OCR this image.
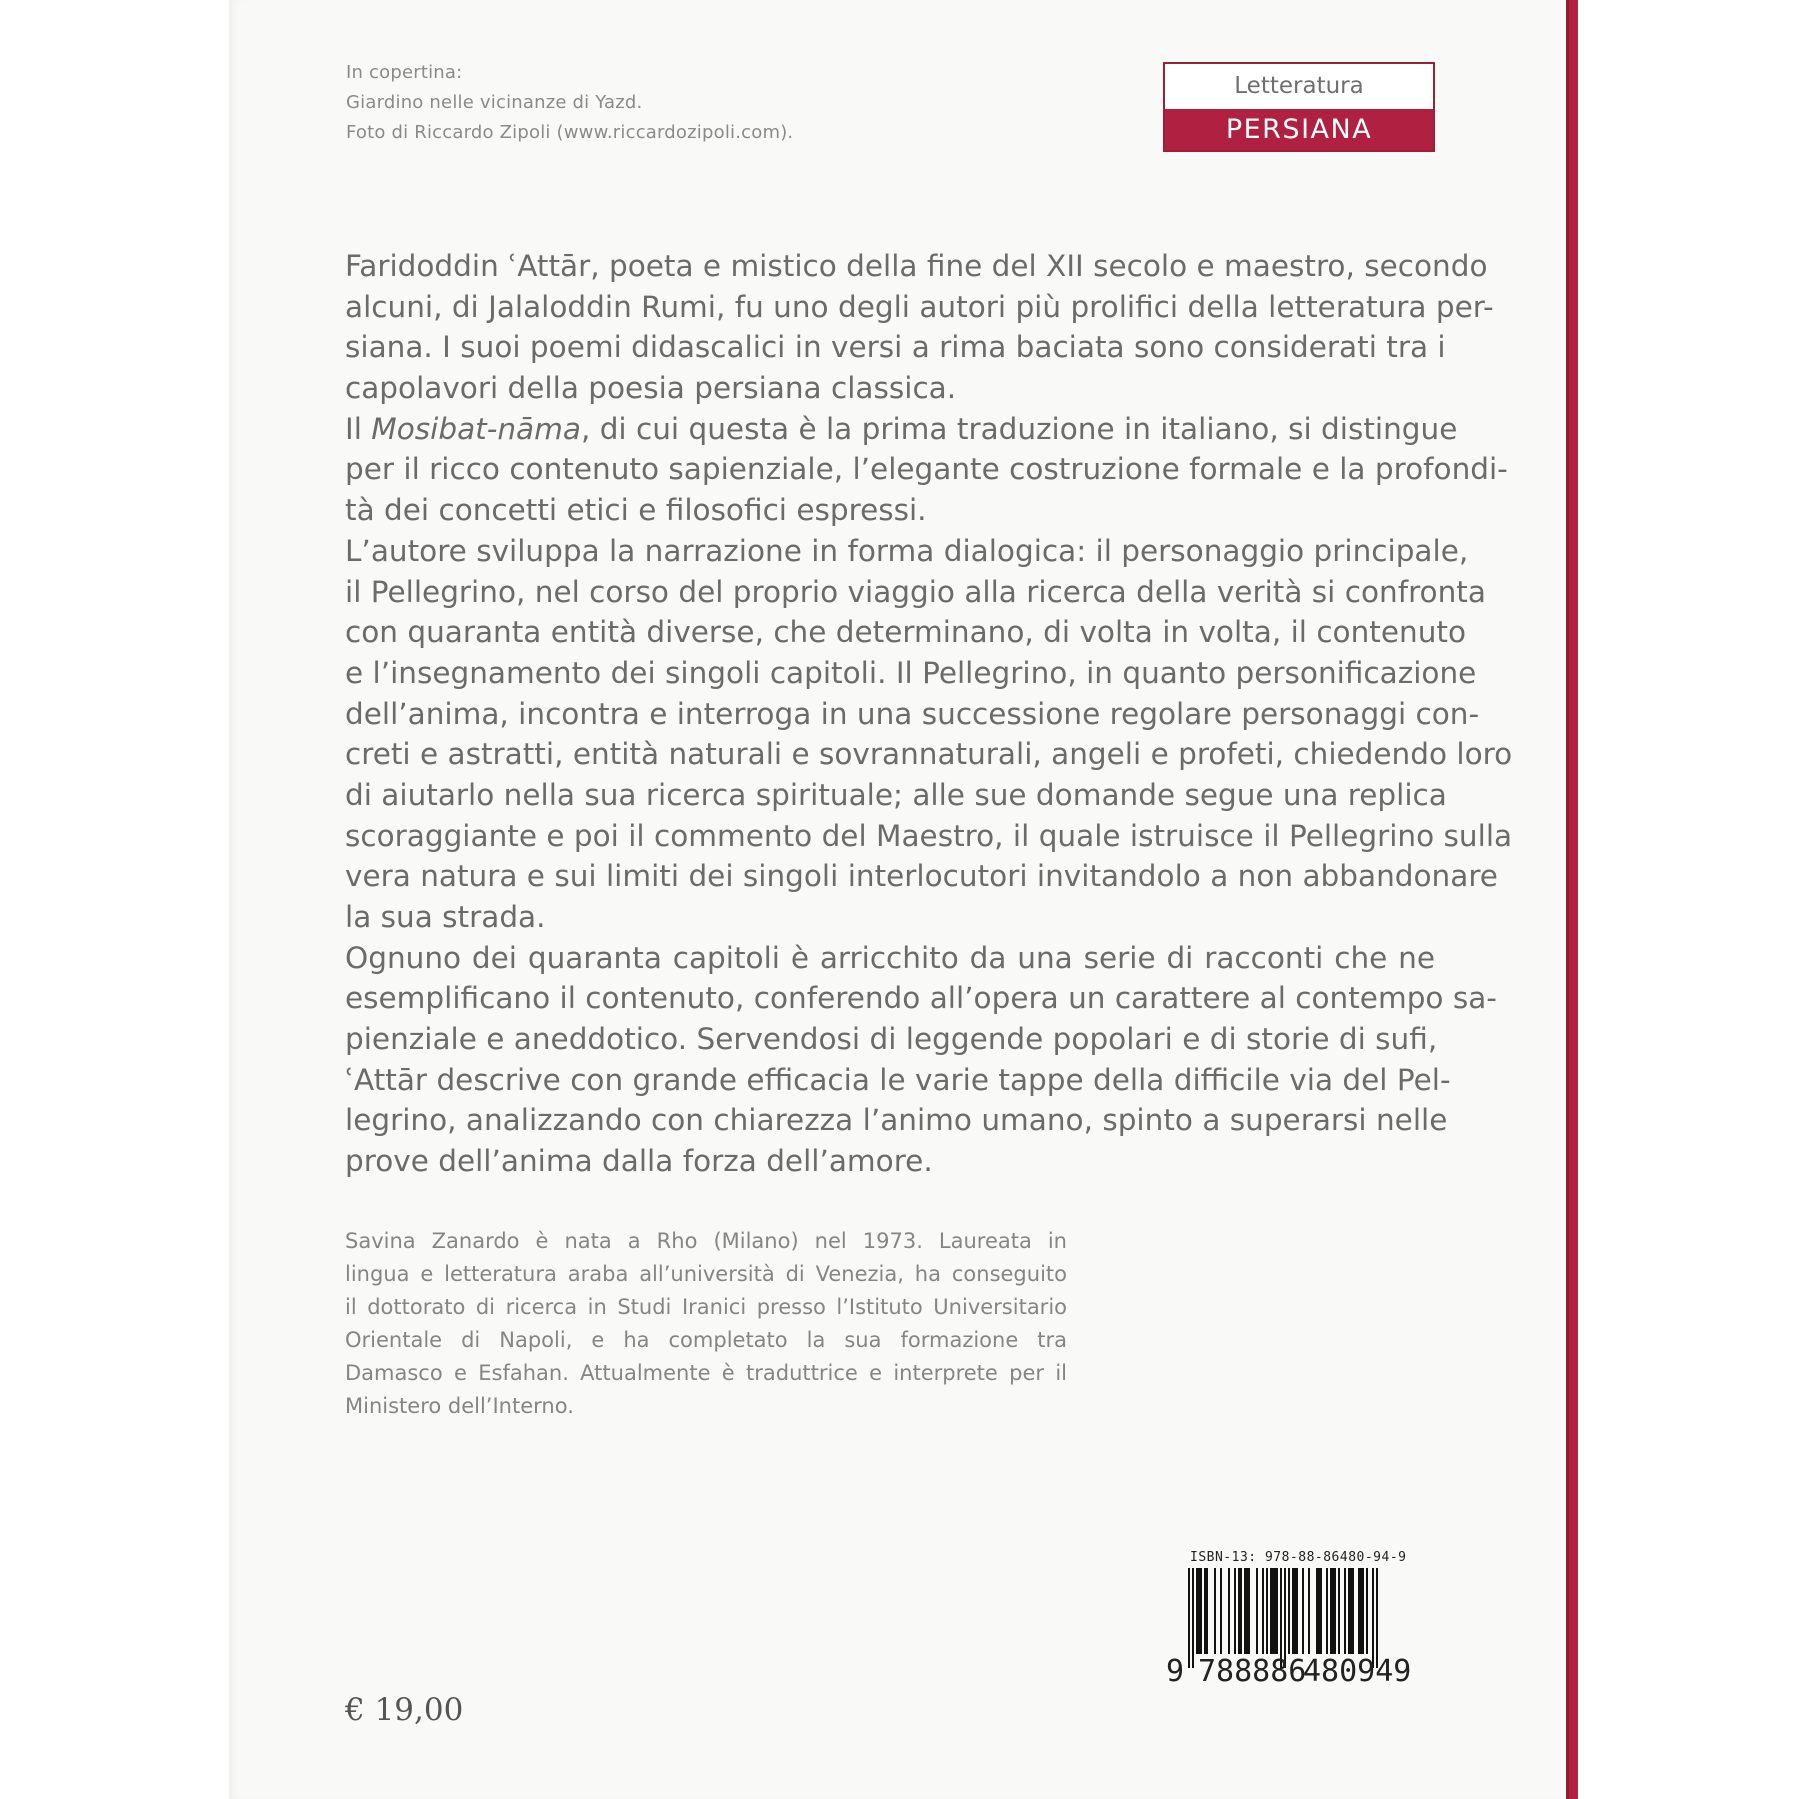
In copertina:
Giardino nelle vicinanze di Yazd.
Foto di Riccardo Zipoli (www.riccardozipoli.com).
Letteratura
PERSIANA
Faridoddin ʿAttār, poeta e mistico della fine del XII secolo e maestro, secondo
alcuni, di Jalaloddin Rumi, fu uno degli autori più prolifici della letteratura per-
siana. I suoi poemi didascalici in versi a rima baciata sono considerati tra i
capolavori della poesia persiana classica.
Il Mosibat-nāma, di cui questa è la prima traduzione in italiano, si distingue
per il ricco contenuto sapienziale, l’elegante costruzione formale e la profondi-
tà dei concetti etici e filosofici espressi.
L’autore sviluppa la narrazione in forma dialogica: il personaggio principale,
il Pellegrino, nel corso del proprio viaggio alla ricerca della verità si confronta
con quaranta entità diverse, che determinano, di volta in volta, il contenuto
e l’insegnamento dei singoli capitoli. Il Pellegrino, in quanto personificazione
dell’anima, incontra e interroga in una successione regolare personaggi con-
creti e astratti, entità naturali e sovrannaturali, angeli e profeti, chiedendo loro
di aiutarlo nella sua ricerca spirituale; alle sue domande segue una replica
scoraggiante e poi il commento del Maestro, il quale istruisce il Pellegrino sulla
vera natura e sui limiti dei singoli interlocutori invitandolo a non abbandonare
la sua strada.
Ognuno dei quaranta capitoli è arricchito da una serie di racconti che ne
esemplificano il contenuto, conferendo all’opera un carattere al contempo sa-
pienziale e aneddotico. Servendosi di leggende popolari e di storie di sufi,
ʿAttār descrive con grande efficacia le varie tappe della difficile via del Pel-
legrino, analizzando con chiarezza l’animo umano, spinto a superarsi nelle
prove dell’anima dalla forza dell’amore.
Savina Zanardo è nata a Rho (Milano) nel 1973. Laureata in
lingua e letteratura araba all’università di Venezia, ha conseguito
il dottorato di ricerca in Studi Iranici presso l’Istituto Universitario
Orientale di Napoli, e ha completato la sua formazione tra
Damasco e Esfahan. Attualmente è traduttrice e interprete per il
Ministero dell’Interno.
€ 19,00
ISBN-13: 978-88-86480-94-9
9 788886
480949
